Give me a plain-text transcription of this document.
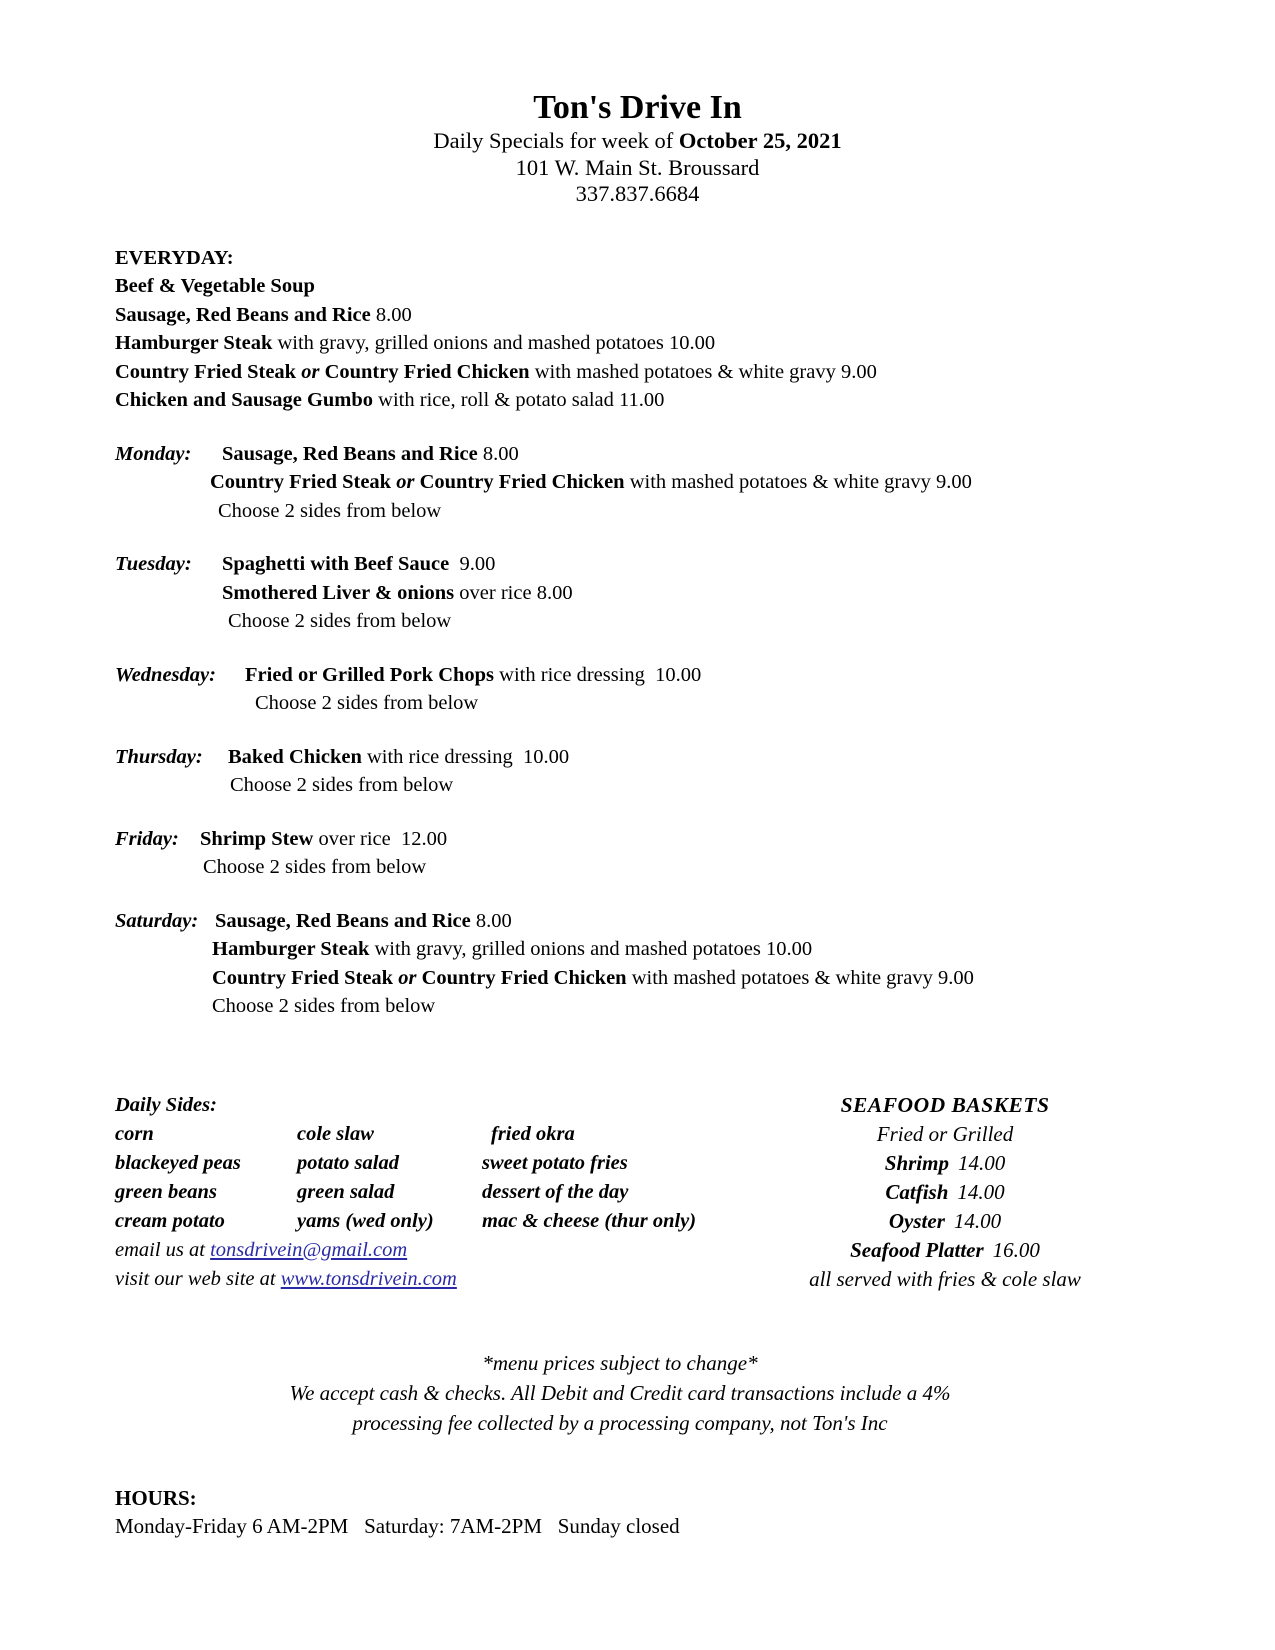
Ton's Drive In
Daily Specials for week of October 25, 2021
101 W. Main St. Broussard
337.837.6684
EVERYDAY:
Beef & Vegetable Soup
Sausage, Red Beans and Rice 8.00
Hamburger Steak with gravy, grilled onions and mashed potatoes 10.00
Country Fried Steak or Country Fried Chicken with mashed potatoes & white gravy 9.00
Chicken and Sausage Gumbo with rice, roll & potato salad 11.00
Monday: Sausage, Red Beans and Rice 8.00
Country Fried Steak or Country Fried Chicken with mashed potatoes & white gravy 9.00
Choose 2 sides from below
Tuesday: Spaghetti with Beef Sauce  9.00
Smothered Liver & onions over rice 8.00
Choose 2 sides from below
Wednesday: Fried or Grilled Pork Chops with rice dressing  10.00
Choose 2 sides from below
Thursday: Baked Chicken with rice dressing  10.00
Choose 2 sides from below
Friday: Shrimp Stew over rice  12.00
Choose 2 sides from below
Saturday: Sausage, Red Beans and Rice 8.00
Hamburger Steak with gravy, grilled onions and mashed potatoes 10.00
Country Fried Steak or Country Fried Chicken with mashed potatoes & white gravy 9.00
Choose 2 sides from below
Daily Sides:
corn	cole slaw	fried okra
blackeyed peas	potato salad	sweet potato fries
green beans	green salad	dessert of the day
cream potato	yams (wed only)	mac & cheese (thur only)
email us at tonsdrivein@gmail.com
visit our web site at www.tonsdrivein.com
SEAFOOD BASKETS
Fried or Grilled
Shrimp 14.00
Catfish 14.00
Oyster 14.00
Seafood Platter 16.00
all served with fries & cole slaw
*menu prices subject to change*
We accept cash & checks. All Debit and Credit card transactions include a 4%
processing fee collected by a processing company, not Ton's Inc
HOURS:
Monday-Friday 6 AM-2PM   Saturday: 7AM-2PM   Sunday closed
